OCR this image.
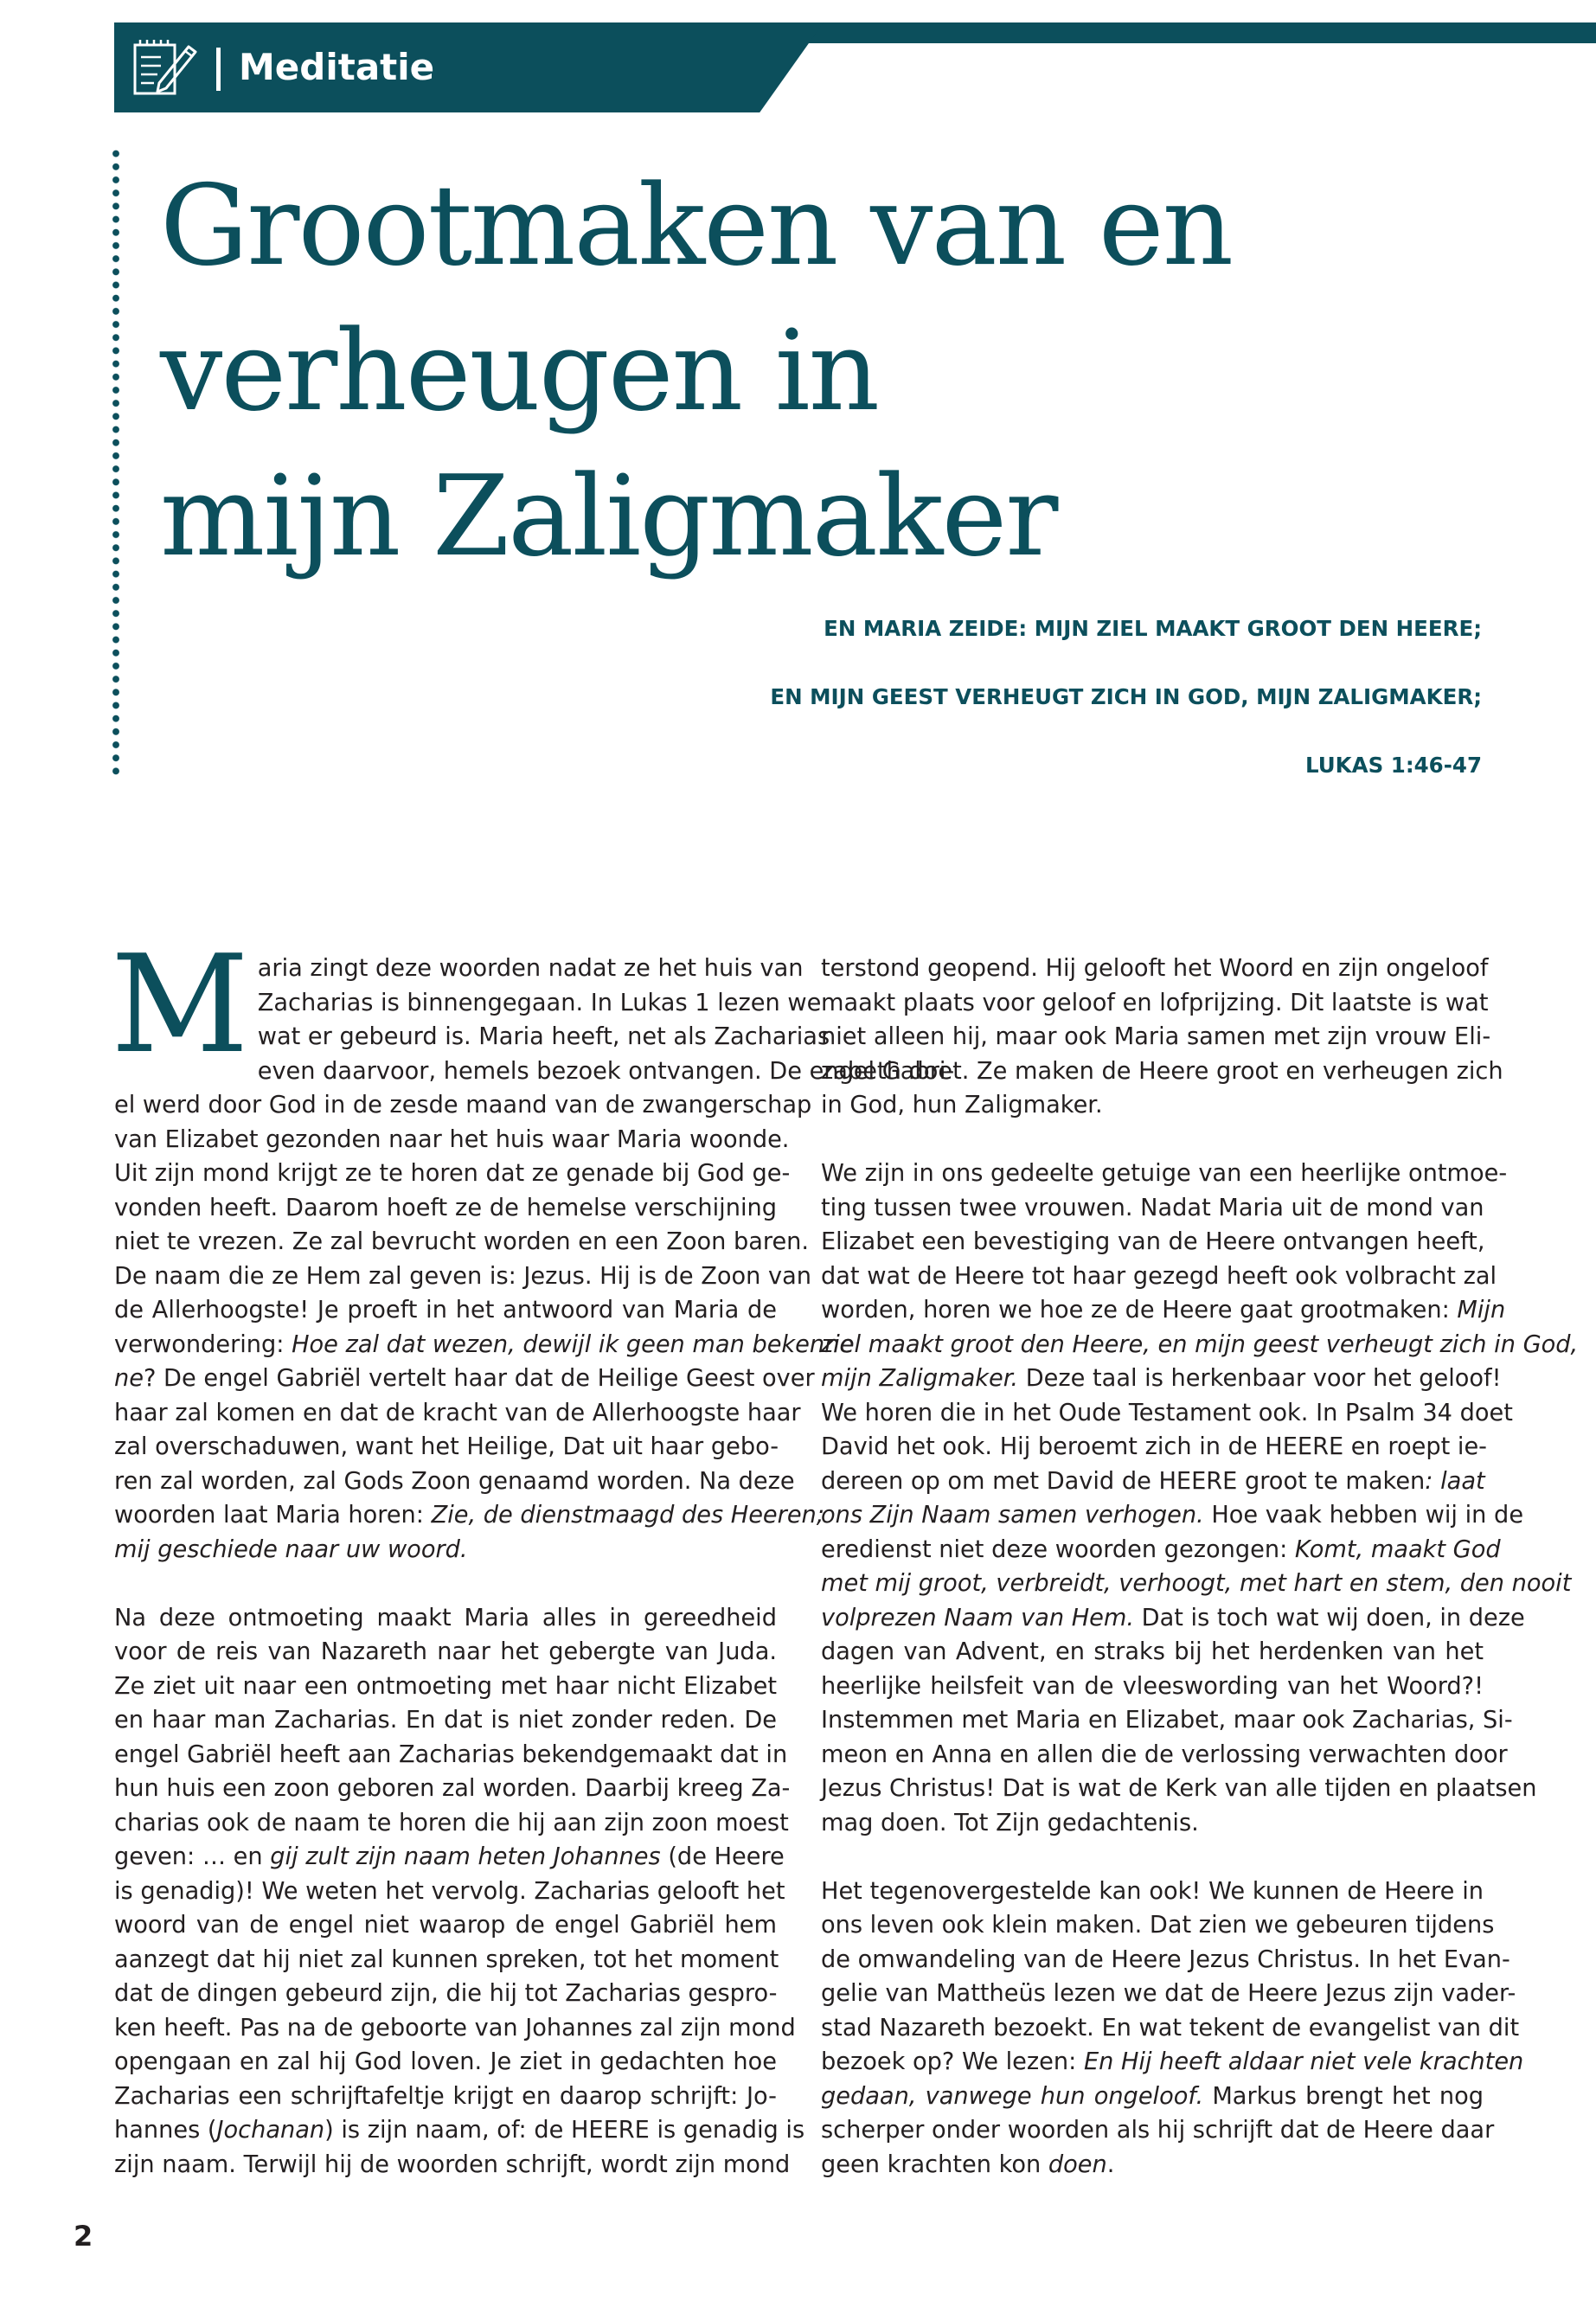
Meditatie
Grootmaken van en
verheugen in
mijn Zaligmaker
EN MARIA ZEIDE: MIJN ZIEL MAAKT GROOT DEN HEERE;
EN MIJN GEEST VERHEUGT ZICH IN GOD, MIJN ZALIGMAKER;
LUKAS 1:46-47
M aria zingt deze woorden nadat ze het huis van
Zacharias is binnengegaan. In Lukas 1 lezen we
wat er gebeurd is. Maria heeft, net als Zacharias
even daarvoor, hemels bezoek ontvangen. De engel Gabri-
el werd door God in de zesde maand van de zwangerschap
van Elizabet gezonden naar het huis waar Maria woonde.
Uit zijn mond krijgt ze te horen dat ze genade bij God ge-
vonden heeft. Daarom hoeft ze de hemelse verschijning
niet te vrezen. Ze zal bevrucht worden en een Zoon baren.
De naam die ze Hem zal geven is: Jezus. Hij is de Zoon van
de Allerhoogste! Je proeft in het antwoord van Maria de
verwondering: Hoe zal dat wezen, dewijl ik geen man bekenne
ne? De engel Gabriël vertelt haar dat de Heilige Geest over
haar zal komen en dat de kracht van de Allerhoogste haar
zal overschaduwen, want het Heilige, Dat uit haar gebo-
ren zal worden, zal Gods Zoon genaamd worden. Na deze
woorden laat Maria horen: Zie, de dienstmaagd des Heeren;
mij geschiede naar uw woord.
Na deze ontmoeting maakt Maria alles in gereedheid
voor de reis van Nazareth naar het gebergte van Juda.
Ze ziet uit naar een ontmoeting met haar nicht Elizabet
en haar man Zacharias. En dat is niet zonder reden. De
engel Gabriël heeft aan Zacharias bekendgemaakt dat in
hun huis een zoon geboren zal worden. Daarbij kreeg Za-
charias ook de naam te horen die hij aan zijn zoon moest
geven: … en gij zult zijn naam heten Johannes (de Heere
is genadig)! We weten het vervolg. Zacharias gelooft het
woord van de engel niet waarop de engel Gabriël hem
aanzegt dat hij niet zal kunnen spreken, tot het moment
dat de dingen gebeurd zijn, die hij tot Zacharias gespro-
ken heeft. Pas na de geboorte van Johannes zal zijn mond
opengaan en zal hij God loven. Je ziet in gedachten hoe
Zacharias een schrijftafeltje krijgt en daarop schrijft: Jo-
hannes (Jochanan) is zijn naam, of: de HEERE is genadig is
zijn naam. Terwijl hij de woorden schrijft, wordt zijn mond
terstond geopend. Hij gelooft het Woord en zijn ongeloof
maakt plaats voor geloof en lofprijzing. Dit laatste is wat
niet alleen hij, maar ook Maria samen met zijn vrouw Eli-
zabeth doet. Ze maken de Heere groot en verheugen zich
in God, hun Zaligmaker.
We zijn in ons gedeelte getuige van een heerlijke ontmoe-
ting tussen twee vrouwen. Nadat Maria uit de mond van
Elizabet een bevestiging van de Heere ontvangen heeft,
dat wat de Heere tot haar gezegd heeft ook volbracht zal
worden, horen we hoe ze de Heere gaat grootmaken: Mijn
ziel maakt groot den Heere, en mijn geest verheugt zich in God,
mijn Zaligmaker. Deze taal is herkenbaar voor het geloof!
We horen die in het Oude Testament ook. In Psalm 34 doet
David het ook. Hij beroemt zich in de HEERE en roept ie-
dereen op om met David de HEERE groot te maken: laat
ons Zijn Naam samen verhogen. Hoe vaak hebben wij in de
eredienst niet deze woorden gezongen: Komt, maakt God
met mij groot, verbreidt, verhoogt, met hart en stem, den nooit
volprezen Naam van Hem. Dat is toch wat wij doen, in deze
dagen van Advent, en straks bij het herdenken van het
heerlijke heilsfeit van de vleeswording van het Woord?!
Instemmen met Maria en Elizabet, maar ook Zacharias, Si-
meon en Anna en allen die de verlossing verwachten door
Jezus Christus! Dat is wat de Kerk van alle tijden en plaatsen
mag doen. Tot Zijn gedachtenis.
Het tegenovergestelde kan ook! We kunnen de Heere in
ons leven ook klein maken. Dat zien we gebeuren tijdens
de omwandeling van de Heere Jezus Christus. In het Evan-
gelie van Mattheüs lezen we dat de Heere Jezus zijn vader-
stad Nazareth bezoekt. En wat tekent de evangelist van dit
bezoek op? We lezen: En Hij heeft aldaar niet vele krachten
gedaan, vanwege hun ongeloof. Markus brengt het nog
scherper onder woorden als hij schrijft dat de Heere daar
geen krachten kon doen.
2
